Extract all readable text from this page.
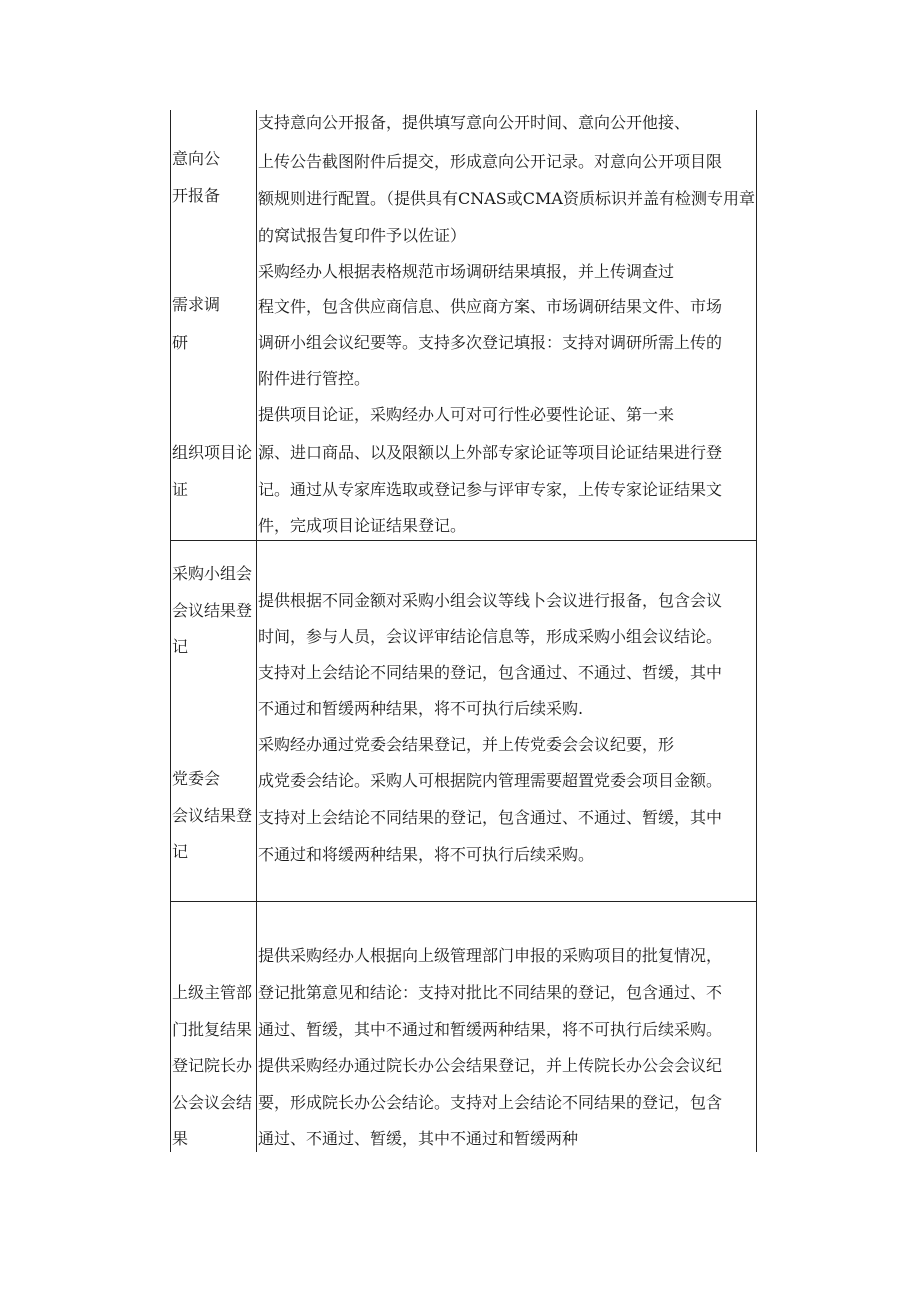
意向公
开报备
支持意向公开报备，提供填写意向公开时间、意向公开他接、
上传公告截图附件后提交，形成意向公开记录。对意向公开项目限
额规则进行配置。（提供具有CNAS或CMA资质标识并盖有检测专用章
的窝试报告复印件予以佐证）
需求调
研
采购经办人根据表格规范市场调研结果填报，并上传调查过
程文件，包含供应商信息、供应商方案、市场调研结果文件、市场
调研小组会议纪要等。支持多次登记填报：支持对调研所需上传的
附件进行管控。
组织项目论
证
提供项目论证，采购经办人可对可行性必要性论证、第一来
源、进口商品、以及限额以上外部专家论证等项目论证结果进行登
记。通过从专家库选取或登记参与评审专家，上传专家论证结果文
件，完成项目论证结果登记。
采购小组会
会议结果登
记
提供根据不同金额对采购小组会议等线卜会议进行报备，包含会议
时间，参与人员，会议评审结论信息等，形成采购小组会议结论。
支持对上会结论不同结果的登记，包含通过、不通过、哲缓，其中
不通过和暂缓两种结果，将不可执行后续采购.
党委会
会议结果登
记
采购经办通过党委会结果登记，并上传党委会会议纪要，形
成党委会结论。采购人可根据院内管理需要超置党委会项目金额。
支持对上会结论不同结果的登记，包含通过、不通过、暂缓，其中
不通过和将缓两种结果，将不可执行后续采购。
上级主管部
门批复结果
登记院长办
公会议会结
果
提供采购经办人根据向上级管理部门申报的采购项目的批复情况，
登记批第意见和结论：支持对批比不同结果的登记，包含通过、不
通过、暂缓，其中不通过和暂缓两种结果，将不可执行后续采购。
提供采购经办通过院长办公会结果登记，并上传院长办公会会议纪
要，形成院长办公会结论。支持对上会结论不同结果的登记，包含
通过、不通过、暂缓，其中不通过和暂缓两种
